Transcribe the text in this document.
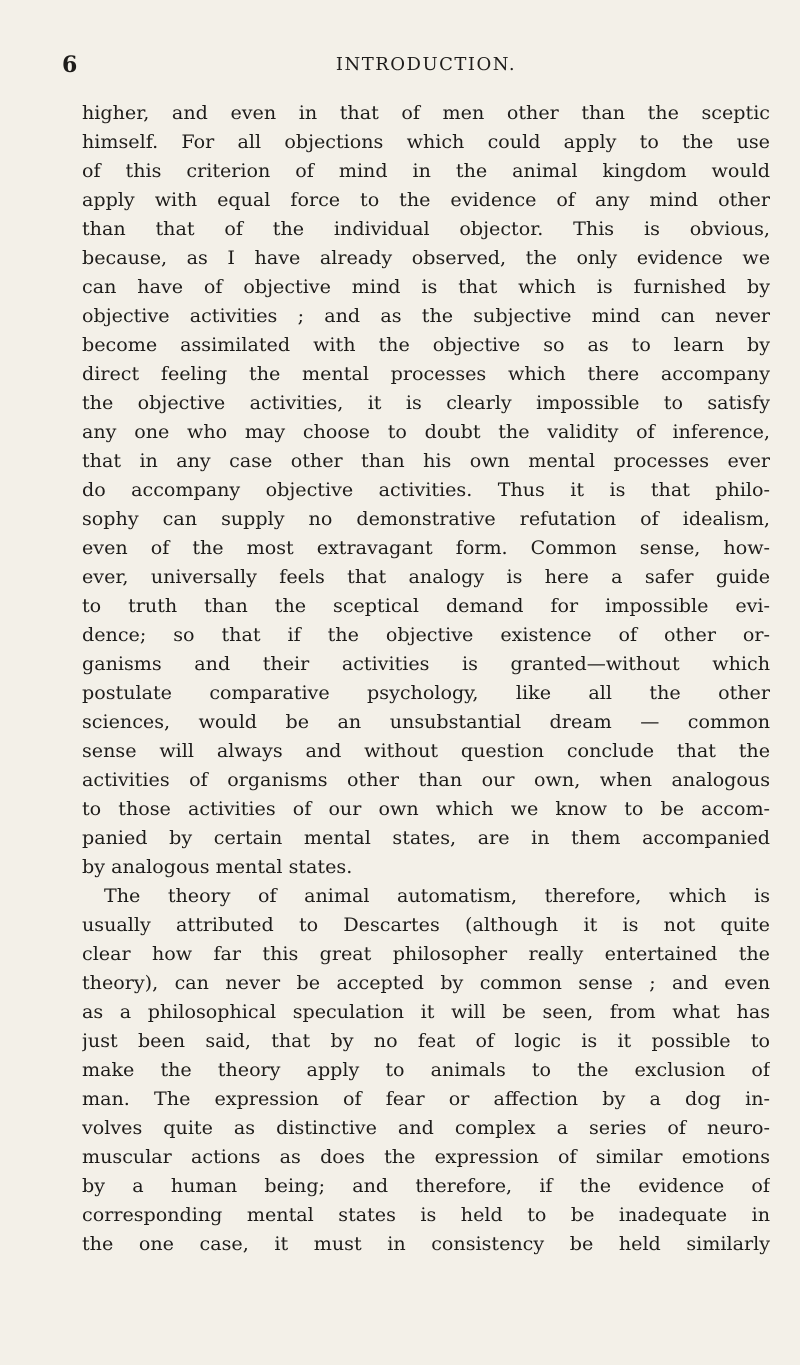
6	INTRODUCTION.
higher, and even in that of men other than the sceptic
himself. For all objections which could apply to the use
of this criterion of mind in the animal kingdom would
apply with equal force to the evidence of any mind other
than that of the individual objector. This is obvious,
because, as I have already observed, the only evidence we
can have of objective mind is that which is furnished by
objective activities ; and as the subjective mind can never
become assimilated with the objective so as to learn by
direct feeling the mental processes which there accompany
the objective activities, it is clearly impossible to satisfy
any one who may choose to doubt the validity of inference,
that in any case other than his own mental processes ever
do accompany objective activities. Thus it is that philo-
sophy can supply no demonstrative refutation of idealism,
even of the most extravagant form. Common sense, how-
ever, universally feels that analogy is here a safer guide
to truth than the sceptical demand for impossible evi-
dence; so that if the objective existence of other or-
ganisms and their activities is granted—without which
postulate comparative psychology, like all the other
sciences, would be an unsubstantial dream — common
sense will always and without question conclude that the
activities of organisms other than our own, when analogous
to those activities of our own which we know to be accom-
panied by certain mental states, are in them accompanied
by analogous mental states.
The theory of animal automatism, therefore, which is
usually attributed to Descartes (although it is not quite
clear how far this great philosopher really entertained the
theory), can never be accepted by common sense ; and even
as a philosophical speculation it will be seen, from what has
just been said, that by no feat of logic is it possible to
make the theory apply to animals to the exclusion of
man. The expression of fear or affection by a dog in-
volves quite as distinctive and complex a series of neuro-
muscular actions as does the expression of similar emotions
by a human being; and therefore, if the evidence of
corresponding mental states is held to be inadequate in
the one case, it must in consistency be held similarly
